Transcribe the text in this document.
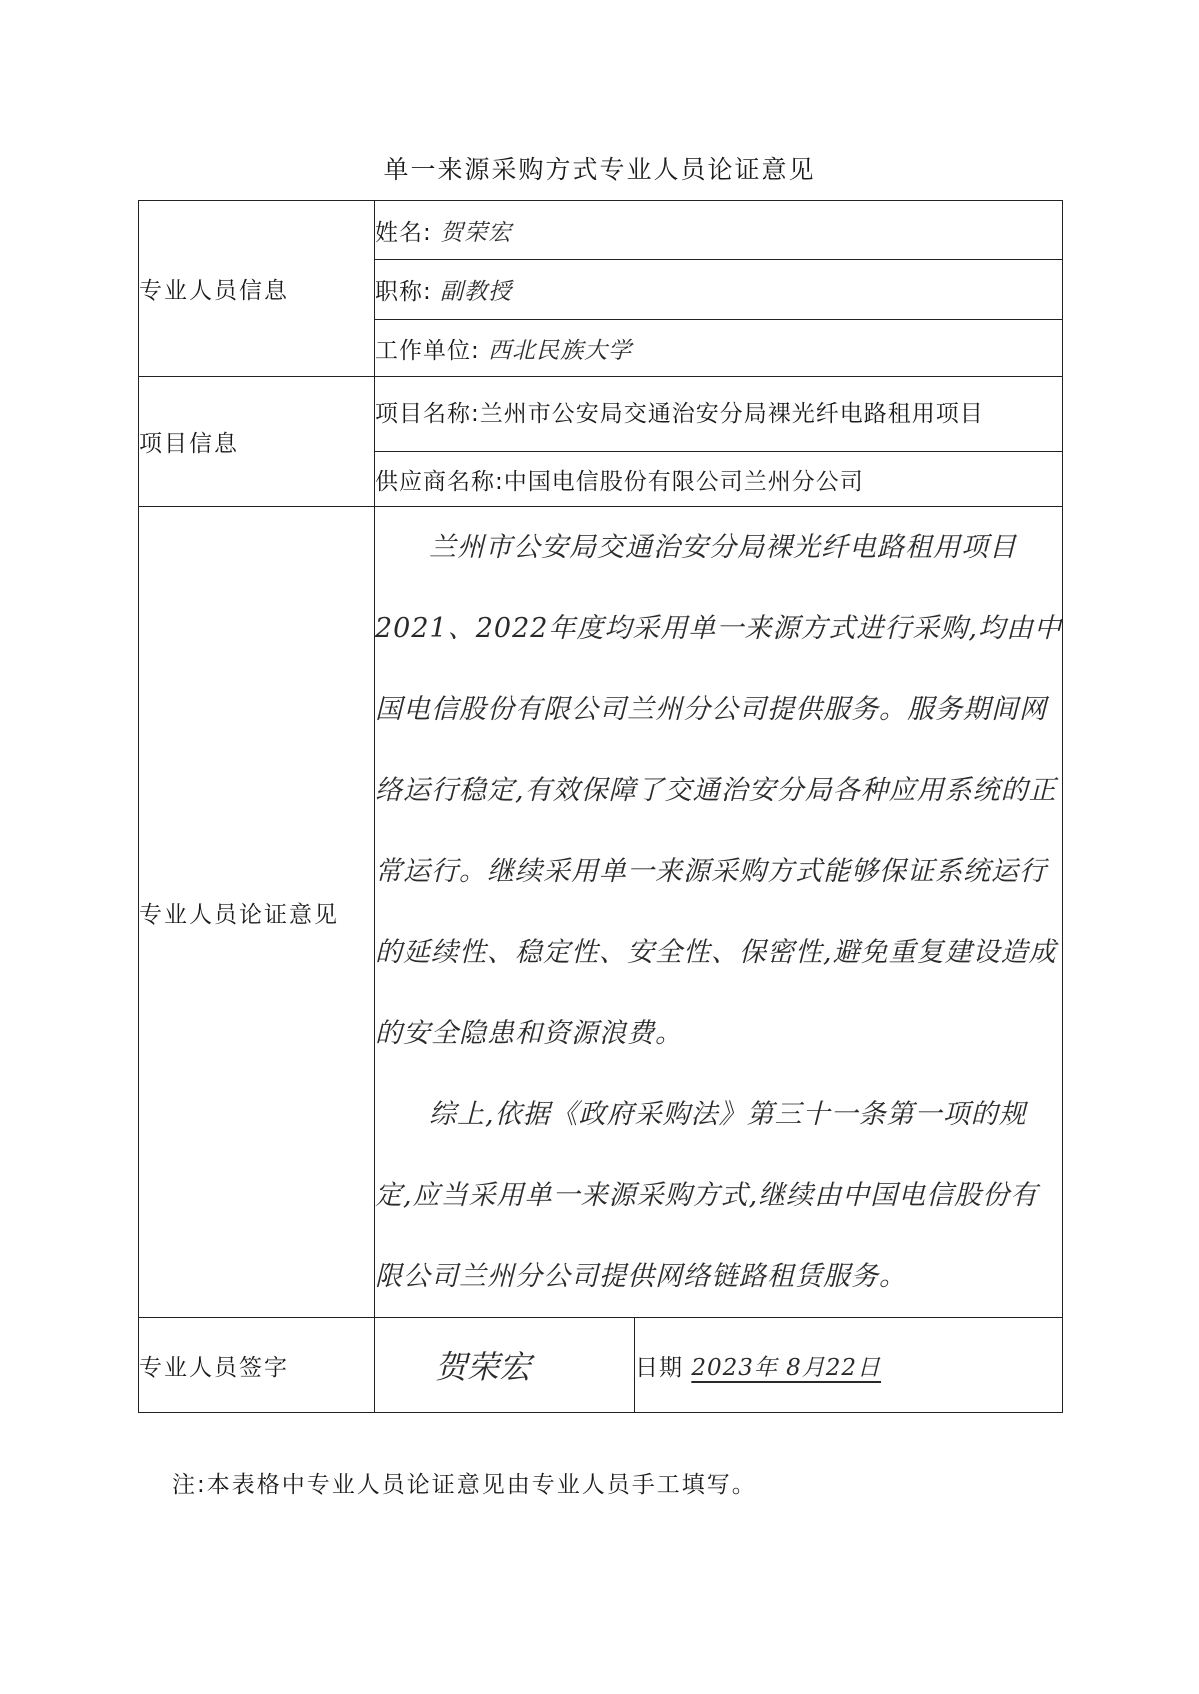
单一来源采购方式专业人员论证意见
专业人员信息	姓名: 贺荣宏	
	职称: 副教授	
	工作单位: 西北民族大学	
项目信息	项目名称:兰州市公安局交通治安分局裸光纤电路租用项目	
	供应商名称:中国电信股份有限公司兰州分公司	
专业人员论证意见	兰州市公安局交通治安分局裸光纤电路租用项目2021、2022年度均采用单一来源方式进行采购,均由中国电信股份有限公司兰州分公司提供服务。服务期间网络运行稳定,有效保障了交通治安分局各种应用系统的正常运行。继续采用单一来源采购方式能够保证系统运行的延续性、稳定性、安全性、保密性,避免重复建设造成的安全隐患和资源浪费。

综上,依据《政府采购法》第三十一条第一项的规定,应当采用单一来源采购方式,继续由中国电信股份有限公司兰州分公司提供网络链路租赁服务。	

专业人员签字	贺荣宏	日期 2023年 8月22日
注:本表格中专业人员论证意见由专业人员手工填写。
